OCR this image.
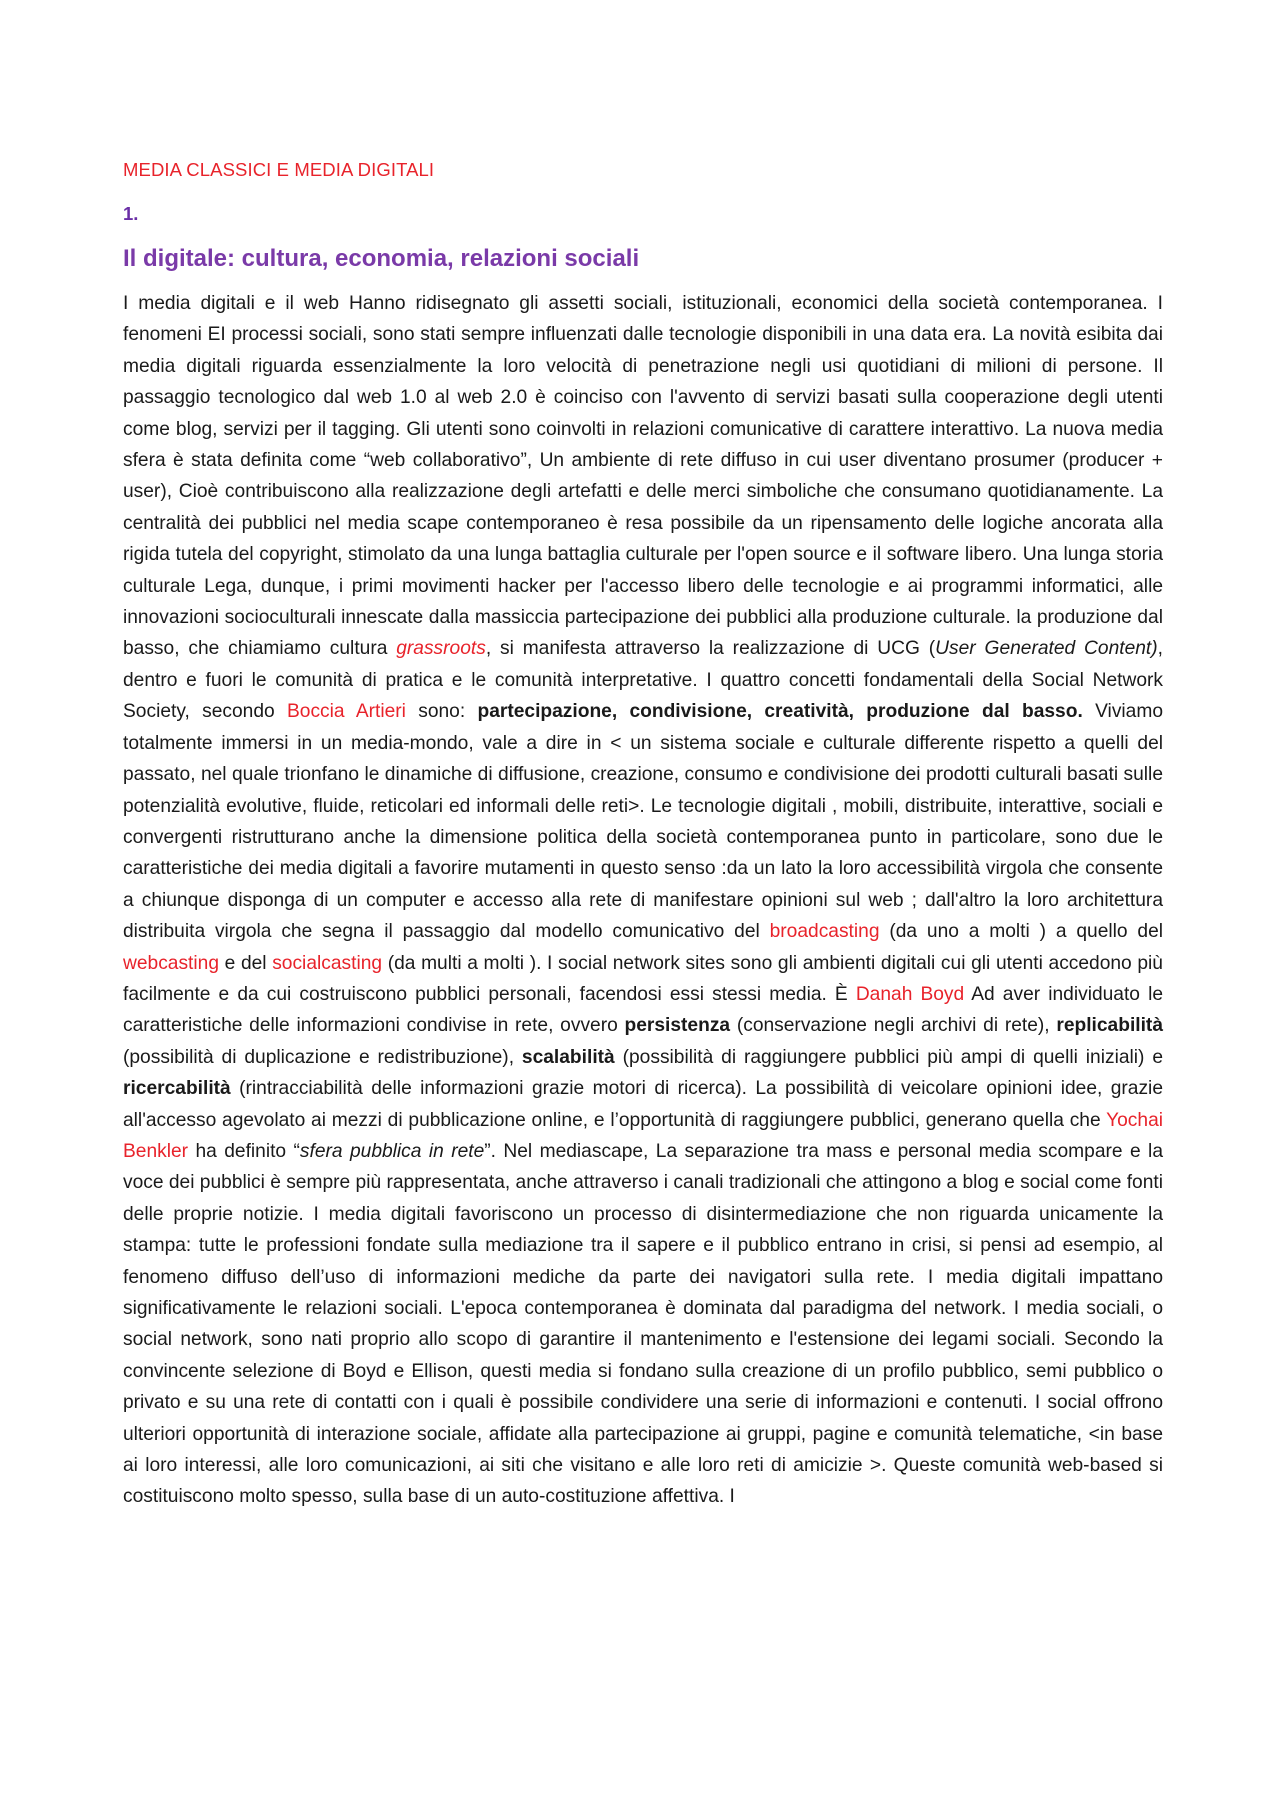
MEDIA CLASSICI E MEDIA DIGITALI

1.

Il digitale: cultura, economia, relazioni sociali

I media digitali e il web Hanno ridisegnato gli assetti sociali, istituzionali, economici della società contemporanea. I fenomeni EI processi sociali, sono stati sempre influenzati dalle tecnologie disponibili in una data era. La novità esibita dai media digitali riguarda essenzialmente la loro velocità di penetrazione negli usi quotidiani di milioni di persone. Il passaggio tecnologico dal web 1.0 al web 2.0 è coinciso con l'avvento di servizi basati sulla cooperazione degli utenti come blog, servizi per il tagging. Gli utenti sono coinvolti in relazioni comunicative di carattere interattivo. La nuova media sfera è stata definita come “web collaborativo”, Un ambiente di rete diffuso in cui user diventano prosumer (producer + user), Cioè contribuiscono alla realizzazione degli artefatti e delle merci simboliche che consumano quotidianamente. La centralità dei pubblici nel media scape contemporaneo è resa possibile da un ripensamento delle logiche ancorata alla rigida tutela del copyright, stimolato da una lunga battaglia culturale per l'open source e il software libero. Una lunga storia culturale Lega, dunque, i primi movimenti hacker per l'accesso libero delle tecnologie e ai programmi informatici, alle innovazioni socioculturali innescate dalla massiccia partecipazione dei pubblici alla produzione culturale. la produzione dal basso, che chiamiamo cultura grassroots, si manifesta attraverso la realizzazione di UCG (User Generated Content), dentro e fuori le comunità di pratica e le comunità interpretative. I quattro concetti fondamentali della Social Network Society, secondo Boccia Artieri sono: partecipazione, condivisione, creatività, produzione dal basso. Viviamo totalmente immersi in un media-mondo, vale a dire in < un sistema sociale e culturale differente rispetto a quelli del passato, nel quale trionfano le dinamiche di diffusione, creazione, consumo e condivisione dei prodotti culturali basati sulle potenzialità evolutive, fluide, reticolari ed informali delle reti>. Le tecnologie digitali , mobili, distribuite, interattive, sociali e convergenti ristrutturano anche la dimensione politica della società contemporanea punto in particolare, sono due le caratteristiche dei media digitali a favorire mutamenti in questo senso :da un lato la loro accessibilità virgola che consente a chiunque disponga di un computer e accesso alla rete di manifestare opinioni sul web ; dall'altro la loro architettura distribuita virgola che segna il passaggio dal modello comunicativo del broadcasting (da uno a molti ) a quello del webcasting e del socialcasting (da multi a molti ). I social network sites sono gli ambienti digitali cui gli utenti accedono più facilmente e da cui costruiscono pubblici personali, facendosi essi stessi media. È Danah Boyd Ad aver individuato le caratteristiche delle informazioni condivise in rete, ovvero persistenza (conservazione negli archivi di rete), replicabilità (possibilità di duplicazione e redistribuzione), scalabilità (possibilità di raggiungere pubblici più ampi di quelli iniziali) e ricercabilità (rintracciabilità delle informazioni grazie motori di ricerca). La possibilità di veicolare opinioni idee, grazie all'accesso agevolato ai mezzi di pubblicazione online, e l’opportunità di raggiungere pubblici, generano quella che Yochai Benkler ha definito “sfera pubblica in rete”. Nel mediascape, La separazione tra mass e personal media scompare e la voce dei pubblici è sempre più rappresentata, anche attraverso i canali tradizionali che attingono a blog e social come fonti delle proprie notizie. I media digitali favoriscono un processo di disintermediazione che non riguarda unicamente la stampa: tutte le professioni fondate sulla mediazione tra il sapere e il pubblico entrano in crisi, si pensi ad esempio, al fenomeno diffuso dell’uso di informazioni mediche da parte dei navigatori sulla rete. I media digitali impattano significativamente le relazioni sociali. L'epoca contemporanea è dominata dal paradigma del network. I media sociali, o social network, sono nati proprio allo scopo di garantire il mantenimento e l'estensione dei legami sociali. Secondo la convincente selezione di Boyd e Ellison, questi media si fondano sulla creazione di un profilo pubblico, semi pubblico o privato e su una rete di contatti con i quali è possibile condividere una serie di informazioni e contenuti. I social offrono ulteriori opportunità di interazione sociale, affidate alla partecipazione ai gruppi, pagine e comunità telematiche, <in base ai loro interessi, alle loro comunicazioni, ai siti che visitano e alle loro reti di amicizie >. Queste comunità web-based si costituiscono molto spesso, sulla base di un auto-costituzione affettiva. I
